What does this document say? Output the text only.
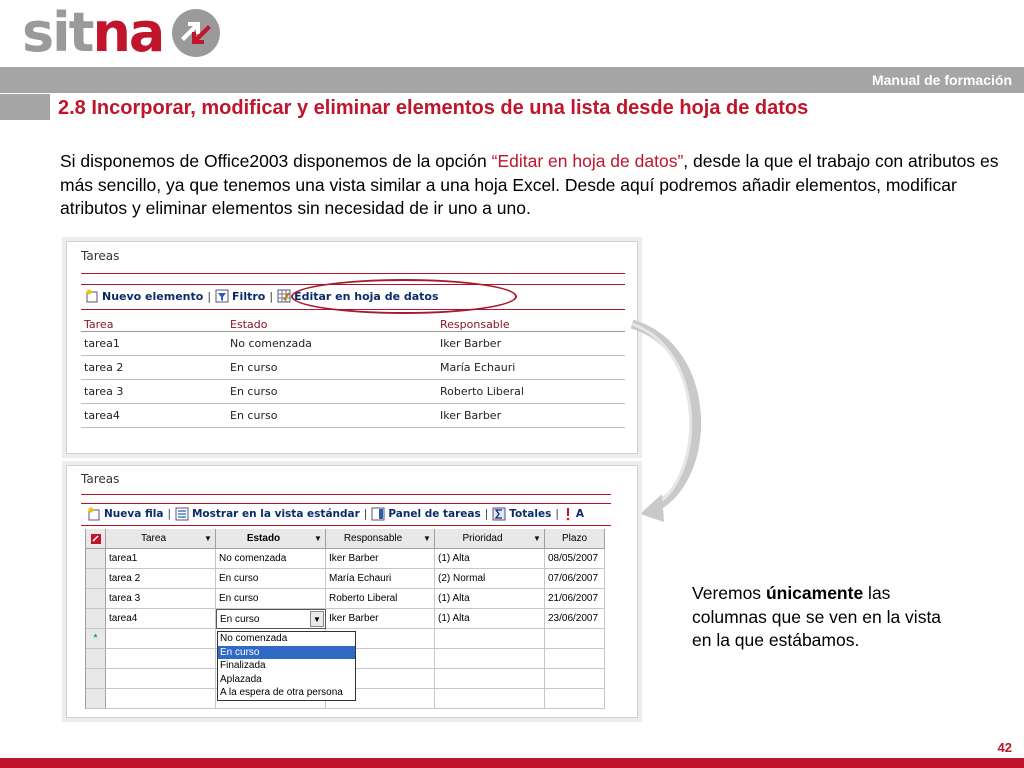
sitna
Manual de formación
2.8 Incorporar, modificar y eliminar elementos de una lista desde hoja de datos

Si disponemos de Office2003 disponemos de la opción “Editar en hoja de datos”, desde la que el trabajo con atributos es más sencillo, ya que tenemos una vista similar a una hoja Excel. Desde aquí podremos añadir elementos, modificar atributos y eliminar elementos sin necesidad de ir uno a uno.

Tareas
Nuevo elemento | Filtro | Editar en hoja de datos
Tarea	Estado	Responsable
tarea1	No comenzada	Iker Barber
tarea 2	En curso	María Echauri
tarea 3	En curso	Roberto Liberal
tarea4	En curso	Iker Barber
Tareas
Nueva fila | Mostrar en la vista estándar | Panel de tareas | Totales | A
Tarea	▼	Estado	▼	Responsable	▼	Prioridad	▼	Plazo
tarea1	No comenzada	Iker Barber	(1) Alta	08/05/2007
tarea 2	En curso	María Echauri	(2) Normal	07/06/2007
tarea 3	En curso	Roberto Liberal	(1) Alta	21/06/2007
tarea4	En curso	▼ Iker Barber	(1) Alta	23/06/2007
*	No comenzada
En curso
Finalizada
Aplazada
A la espera de otra persona

Veremos únicamente las columnas que se ven en la vista en la que estábamos.

42
